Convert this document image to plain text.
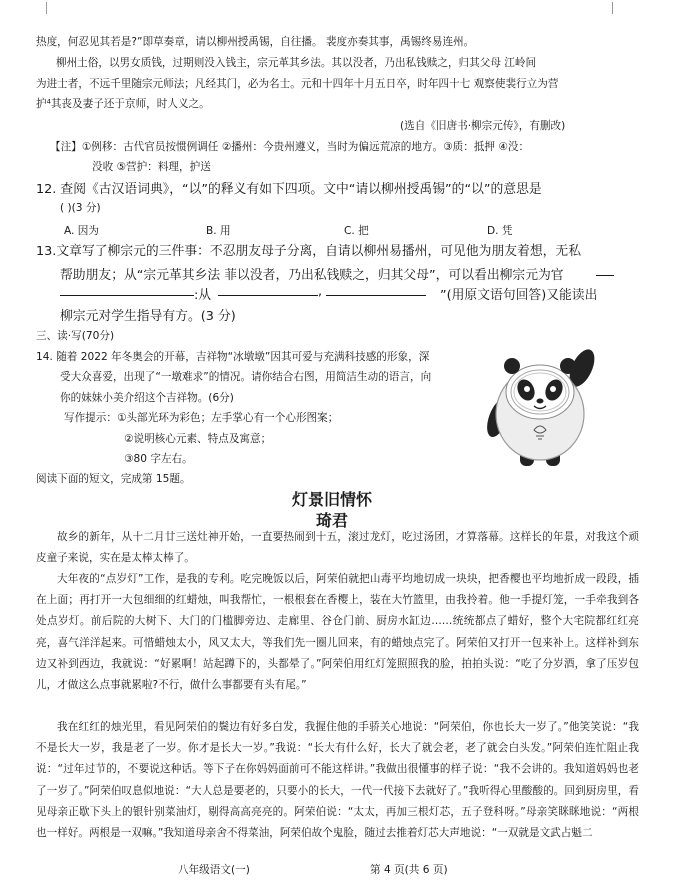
热度，何忍见其若是?”即草奏章，请以柳州授禹锡，自往播。 裴度亦奏其事，禹锡终易连州。
柳州土俗，以男女质钱，过期则没入钱主，宗元革其乡法。其以没者，乃出私钱赎之，归其父母 江岭间
为进士者，不远千里随宗元师法；凡经其门，必为名士。元和十四年十月五日卒，时年四十七 观察使裴行立为营
护⁴其丧及妻子还于京师，时人义之。
(选自《旧唐书·柳宗元传》，有删改)
【注】①例移：古代官员按惯例调任 ②播州：今贵州遵义，当时为偏远荒凉的地方。③质：抵押 ④没：
没收 ⑤营护：料理，护送
12. 查阅《古汉语词典》，“以”的释义有如下四项。文中“请以柳州授禹锡”的“以”的意思是
( )(3 分)
A. 因为	B. 用	C. 把	D. 凭
13.文章写了柳宗元的三件事：不忍朋友母子分离，自请以柳州易播州，可见他为朋友着想，无私
帮助朋友；从“宗元革其乡法 菲以没者，乃出私钱赎之，归其父母”，可以看出柳宗元为官
:从	,	”(用原文语句回答)又能读出
柳宗元对学生指导有方。(3 分)
三、读·写(70分)
14. 随着 2022 年冬奥会的开幕，吉祥物“冰墩墩”因其可爱与充满科技感的形象，深
受大众喜爱，出现了“一墩难求”的情况。请你结合右图，用简洁生动的语言，向
你的妹妹小美介绍这个吉祥物。(6分)
写作提示：①头部光环为彩色；左手掌心有一个心形图案；
②说明核心元素、特点及寓意；
③80 字左右。
阅读下面的短文，完成第 15题。
灯景旧情怀
琦君
故乡的新年，从十二月廿三送灶神开始，一直要热闹到十五，滚过龙灯，吃过汤团，才算落幕。这样长的年景，对我这个顽皮童子来说，实在是太棒太棒了。
大年夜的“点岁灯”工作，是我的专利。吃完晚饭以后，阿荣伯就把山毒平均地切成一块块，把香樱也平均地折成一段段，插在上面；再打开一大包细细的红蜡烛，叫我帮忙，一根根套在香樱上，装在大竹篮里，由我拎着。他一手提灯笼，一手牵我到各处点岁灯。前后院的大树下、大门的门槛脚旁边、走廊里、谷仓门前、厨房水缸边……统统都点了蜡好，整个大宅院都红红亮亮，喜气洋洋起来。可惜蜡烛太小，风又太大，等我们先一圈儿回来，有的蜡烛点完了。阿荣伯又打开一包来补上。这样补到东边又补到西边，我就说：“好累啊！站起蹲下的，头都晕了。”阿荣伯用红灯笼照照我的脸，拍拍头说：“吃了分岁酒，拿了压岁包儿，才做这么点事就累啦?不行，做什么事都要有头有尾。”
我在红红的烛光里，看见阿荣伯的鬓边有好多白发，我握住他的手骄关心地说：“阿荣伯，你也长大一岁了。”他笑笑说：“我不是长大一岁，我是老了一岁。你才是长大一岁。”我说：“长大有什么好，长大了就会老，老了就会白头发。”阿荣伯连忙阻止我说：“过年过节的，不要说这种话。等下子在你妈妈面前可不能这样讲。”我做出很懂事的样子说：“我不会讲的。我知道妈妈也老了一岁了。”阿荣伯叹息似地说：“大人总是要老的，只要小的长大，一代一代接下去就好了。”我听得心里酸酸的。回到厨房里，看见母亲正歇下头上的银针别菜油灯，剔得高高亮亮的。阿荣伯说：“太太，再加三根灯芯，五子登科呀。”母亲笑眯眯地说：“两根也一样好。两根是一双嘛。”我知道母亲舍不得菜油，阿荣伯故个鬼脸，随过去推着灯芯大声地说：“一双就是文武占魁二
八年级语文(一)	第 4 页(共 6 页)
